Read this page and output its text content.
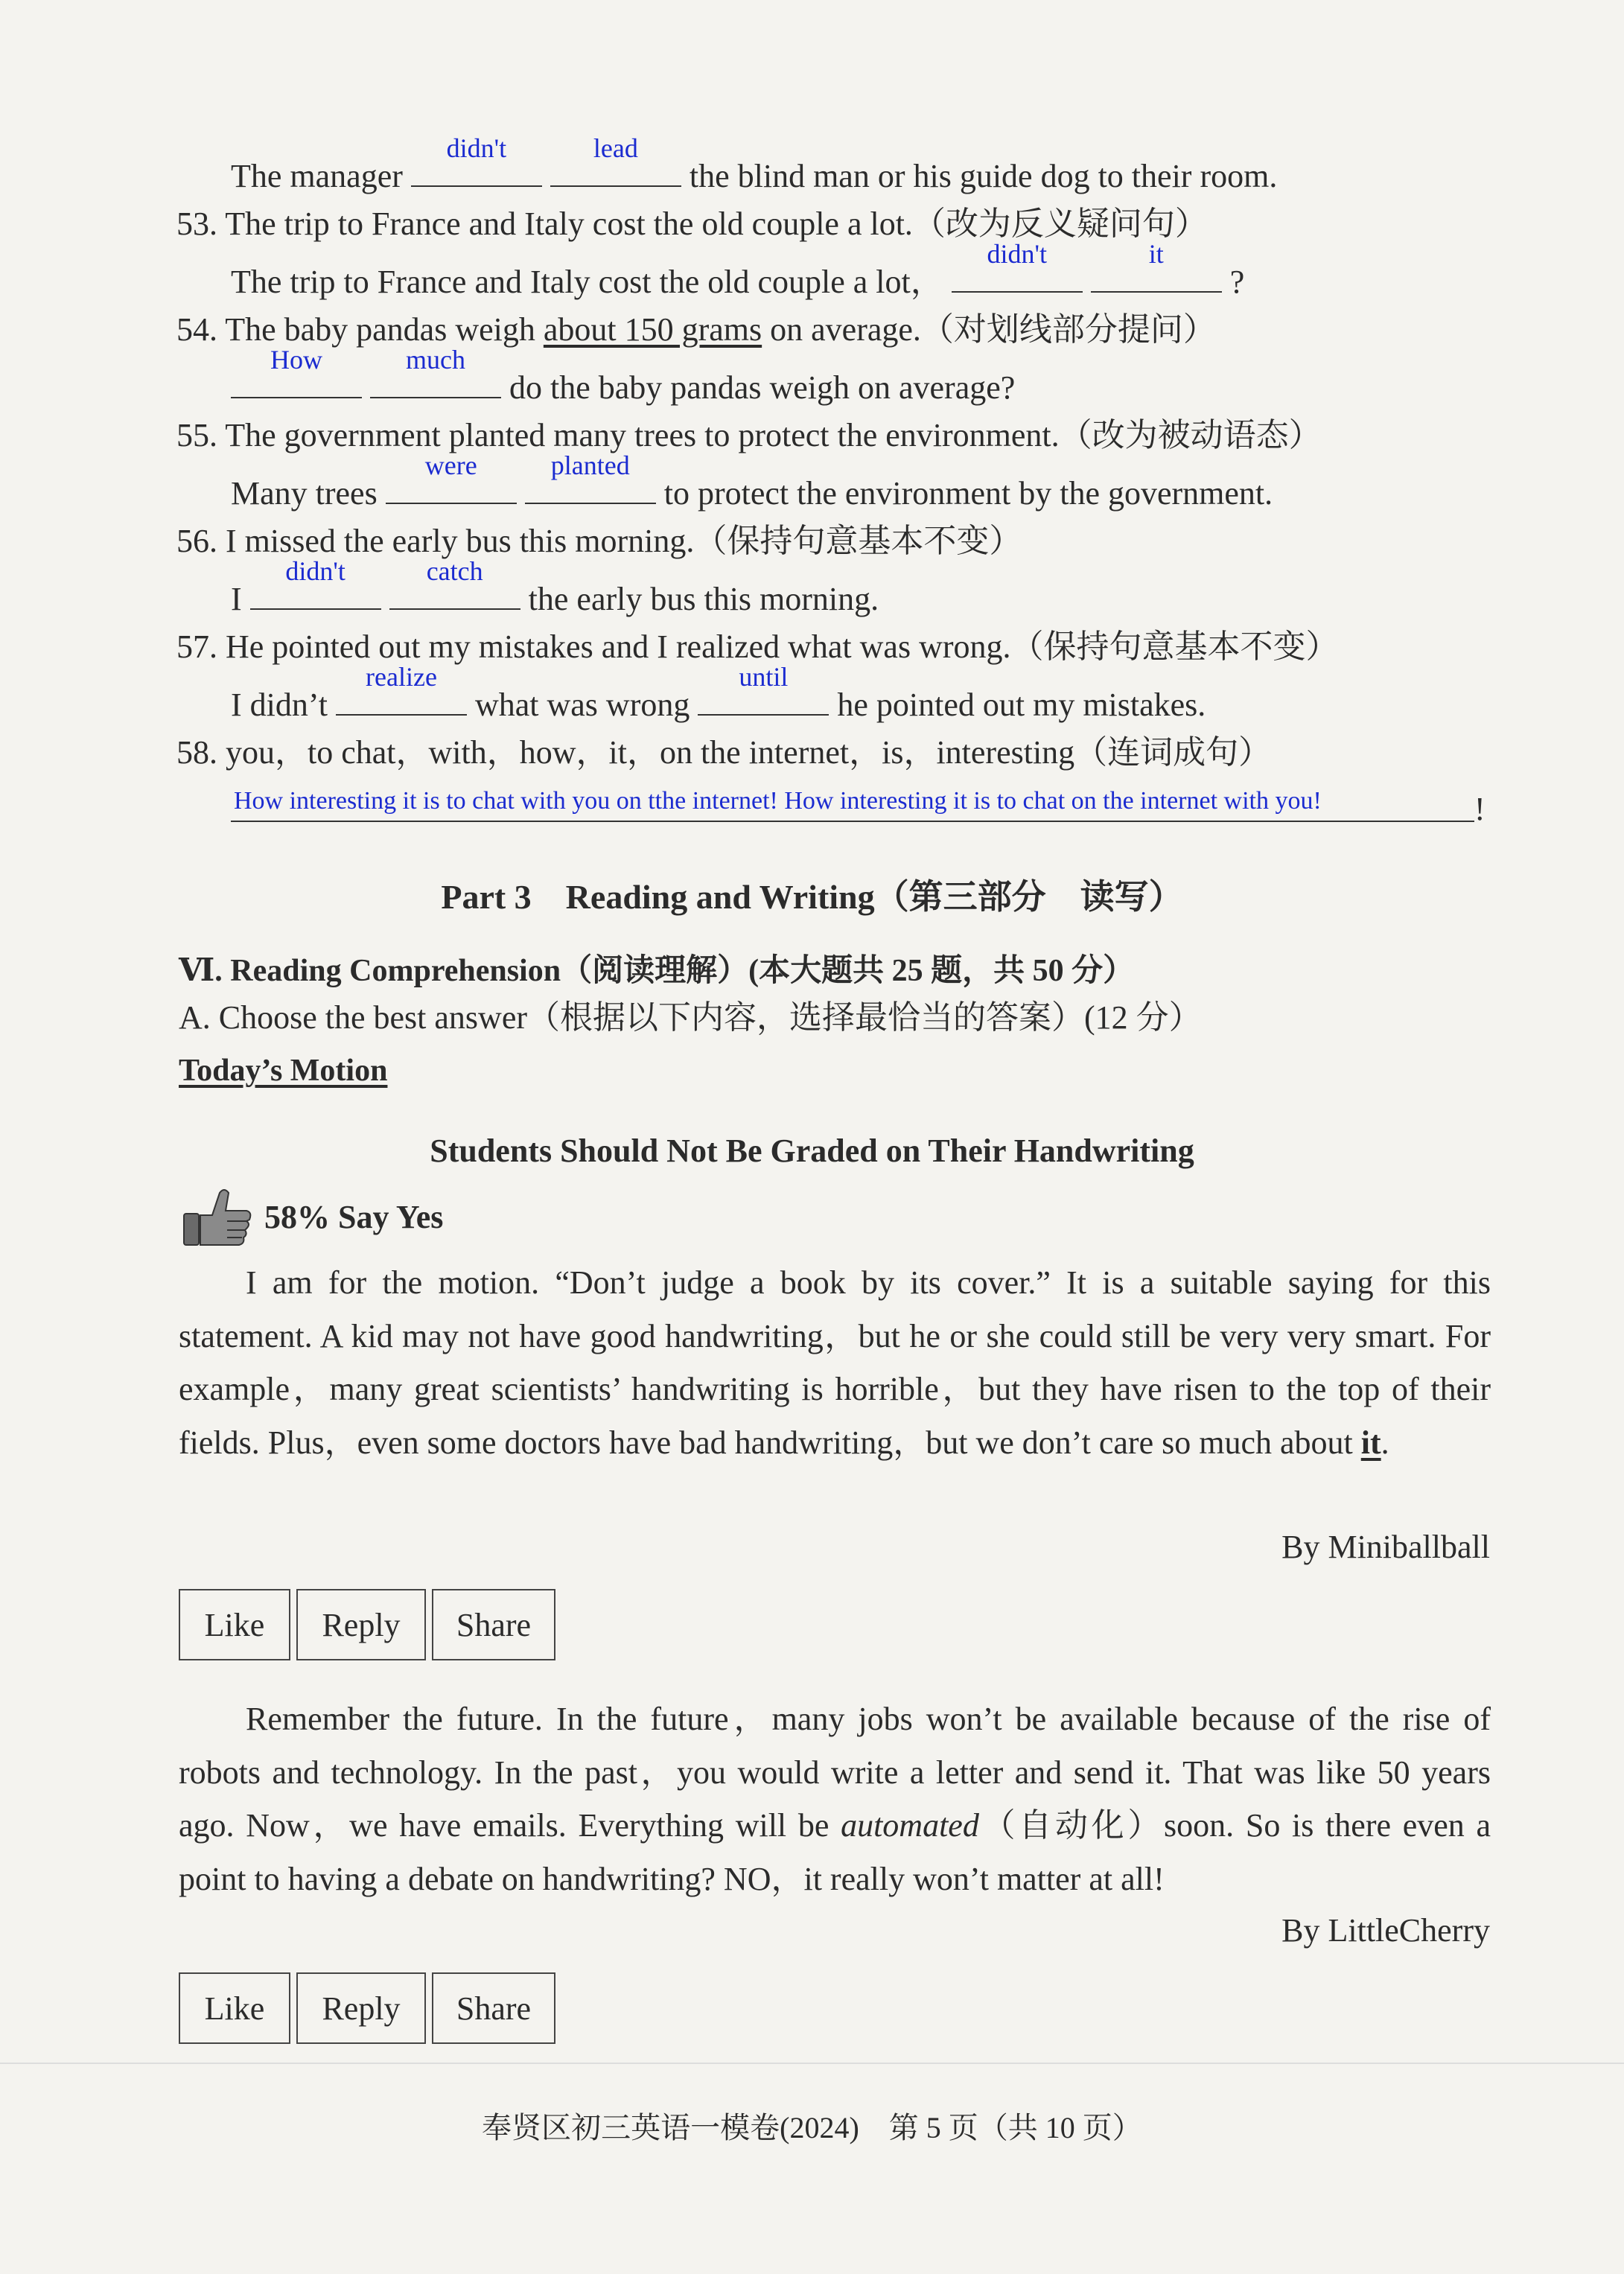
The manager
didn't
	lead
the blind man or his guide dog to their room.
53. The trip to France and Italy cost the old couple a lot.（改为反义疑问句）
The trip to France and Italy cost the old couple a lot，
didn't
	it
?
54. The baby pandas weigh about 150 grams on average.（对划线部分提问）
How
	much
do the baby pandas weigh on average?
55. The government planted many trees to protect the environment.（改为被动语态）
Many trees
were
	planted
to protect the environment by the government.
56. I missed the early bus this morning.（保持句意基本不变）
I
didn't
	catch
the early bus this morning.
57. He pointed out my mistakes and I realized what was wrong.（保持句意基本不变）
I didn’t
realize
what was wrong
until
he pointed out my mistakes.
58. you，to chat，with，how，it，on the internet，is，interesting（连词成句）
How interesting it is to chat with you on tthe internet! How interesting it is to chat on the internet with you!	!
Part 3　Reading and Writing（第三部分　读写）
Ⅵ. Reading Comprehension（阅读理解）(本大题共 25 题，共 50 分）
A. Choose the best answer（根据以下内容，选择最恰当的答案）(12 分）
Today’s Motion
Students Should Not Be Graded on Their Handwriting
58% Say Yes
I am for the motion. “Don’t judge a book by its cover.” It is a suitable saying for this statement. A kid may not have good handwriting，but he or she could still be very very smart. For example，many great scientists’ handwriting is horrible，but they have risen to the top of their fields. Plus，even some doctors have bad handwriting，but we don’t care so much about it.
By Miniballball
Like	Reply	Share
Remember the future. In the future，many jobs won’t be available because of the rise of robots and technology. In the past，you would write a letter and send it. That was like 50 years ago. Now，we have emails. Everything will be automated（自动化）soon. So is there even a point to having a debate on handwriting? NO，it really won’t matter at all!
By LittleCherry
Like	Reply	Share
奉贤区初三英语一模卷(2024)　第 5 页（共 10 页）
